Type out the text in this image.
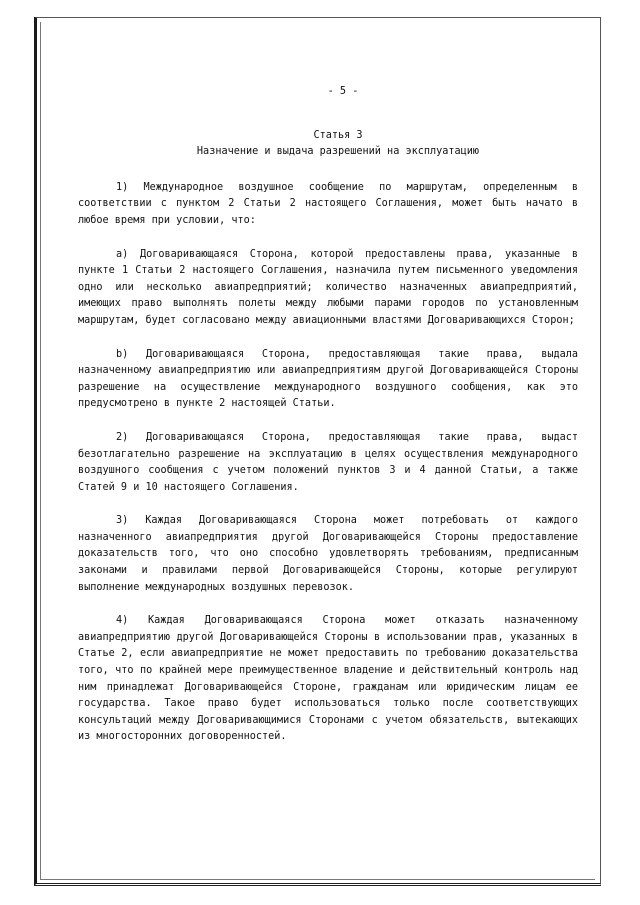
- 5 -

Статья 3

Назначение и выдача разрешений на эксплуатацию

1) Международное воздушное сообщение по маршрутам, определенным в соответствии с пунктом 2 Статьи 2 настоящего Соглашения, может быть начато в любое время при условии, что:

a) Договаривающаяся Сторона, которой предоставлены права, указанные в пункте 1 Статьи 2 настоящего Соглашения, назначила путем письменного уведомления одно или несколько авиапредприятий; количество назначенных авиапредприятий, имеющих право выполнять полеты между любыми парами городов по установленным маршрутам, будет согласовано между авиационными властями Договаривающихся Сторон;

b) Договаривающаяся Сторона, предоставляющая такие права, выдала назначенному авиапредприятию или авиапредприятиям другой Договаривающейся Стороны разрешение на осуществление международного воздушного сообщения, как это предусмотрено в пункте 2 настоящей Статьи.

2) Договаривающаяся Сторона, предоставляющая такие права, выдаст безотлагательно разрешение на эксплуатацию в целях осуществления международного воздушного сообщения с учетом положений пунктов 3 и 4 данной Статьи, а также Статей 9 и 10 настоящего Соглашения.

3) Каждая Договаривающаяся Сторона может потребовать от каждого назначенного авиапредприятия другой Договаривающейся Стороны предоставление доказательств того, что оно способно удовлетворять требованиям, предписанным законами и правилами первой Договаривающейся Стороны, которые регулируют выполнение международных воздушных перевозок.

4) Каждая Договаривающаяся Сторона может отказать назначенному авиапредприятию другой Договаривающейся Стороны в использовании прав, указанных в Статье 2, если авиапредприятие не может предоставить по требованию доказательства того, что по крайней мере преимущественное владение и действительный контроль над ним принадлежат Договаривающейся Стороне, гражданам или юридическим лицам ее государства. Такое право будет использоваться только после соответствующих консультаций между Договаривающимися Сторонами с учетом обязательств, вытекающих из многосторонних договоренностей.
